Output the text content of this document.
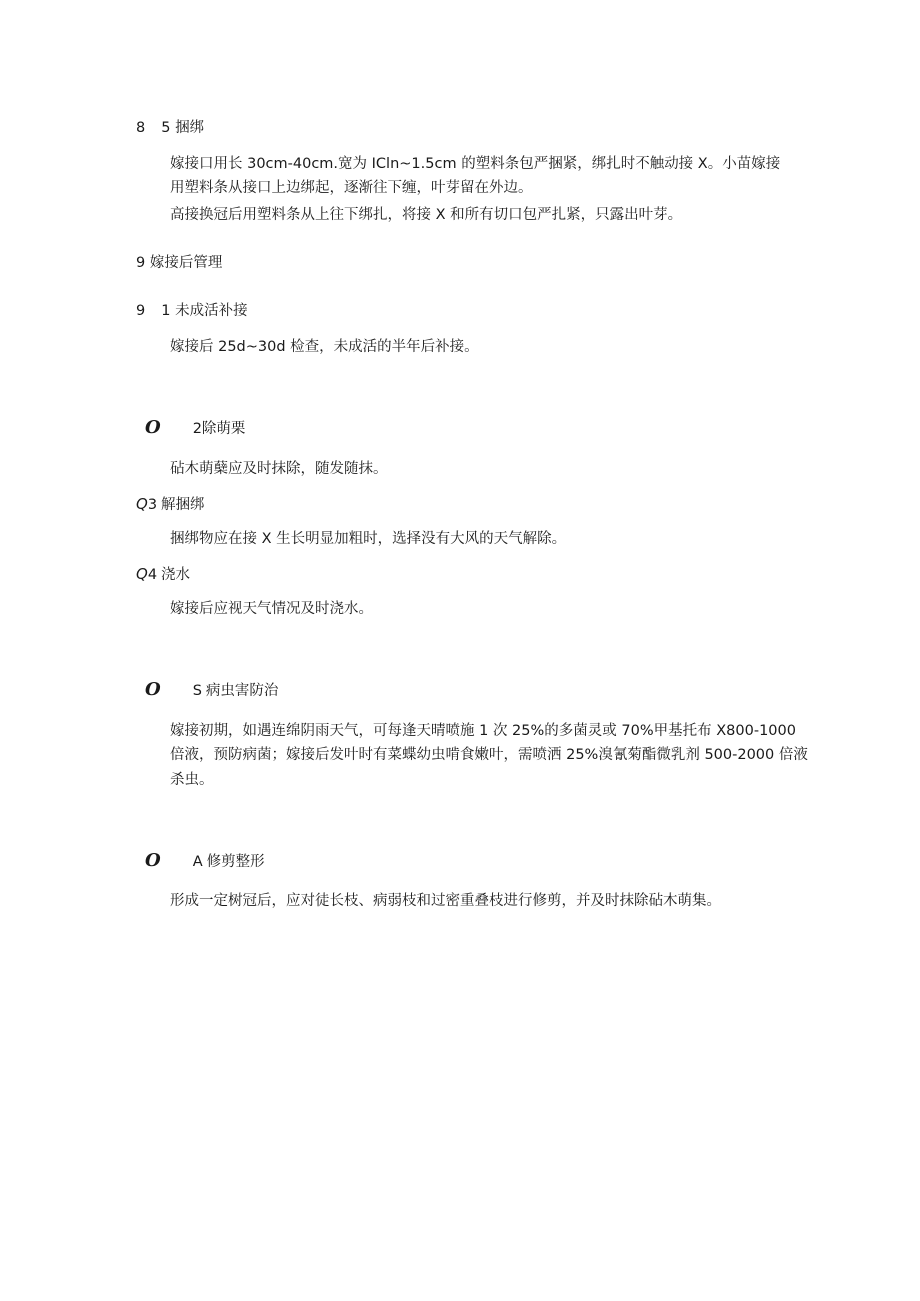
8 5 捆绑
嫁接口用长 30cm-40cm.宽为 ICln~1.5cm 的塑料条包严捆紧，绑扎时不触动接 X。小苗嫁接
用塑料条从接口上边绑起，逐渐往下缠，叶芽留在外边。
高接换冠后用塑料条从上往下绑扎，将接 X 和所有切口包严扎紧，只露出叶芽。
9 嫁接后管理
9 1 未成活补接
嫁接后 25d~30d 检查，未成活的半年后补接。
O 2除萌栗
砧木萌蘖应及时抹除，随发随抹。
Q3 解捆绑
捆绑物应在接 X 生长明显加粗时，选择没有大风的天气解除。
Q4 浇水
嫁接后应视天气情况及时浇水。
O S 病虫害防治
嫁接初期，如遇连绵阴雨天气，可每逢天晴喷施 1 次 25%的多菌灵或 70%甲基托布 X800-1000
倍液，预防病菌；嫁接后发叶时有菜蝶幼虫啃食嫩叶，需喷洒 25%溴氰菊酯微乳剂 500-2000 倍液
杀虫。
O A 修剪整形
形成一定树冠后，应对徒长枝、病弱枝和过密重叠枝进行修剪，并及时抹除砧木萌集。
